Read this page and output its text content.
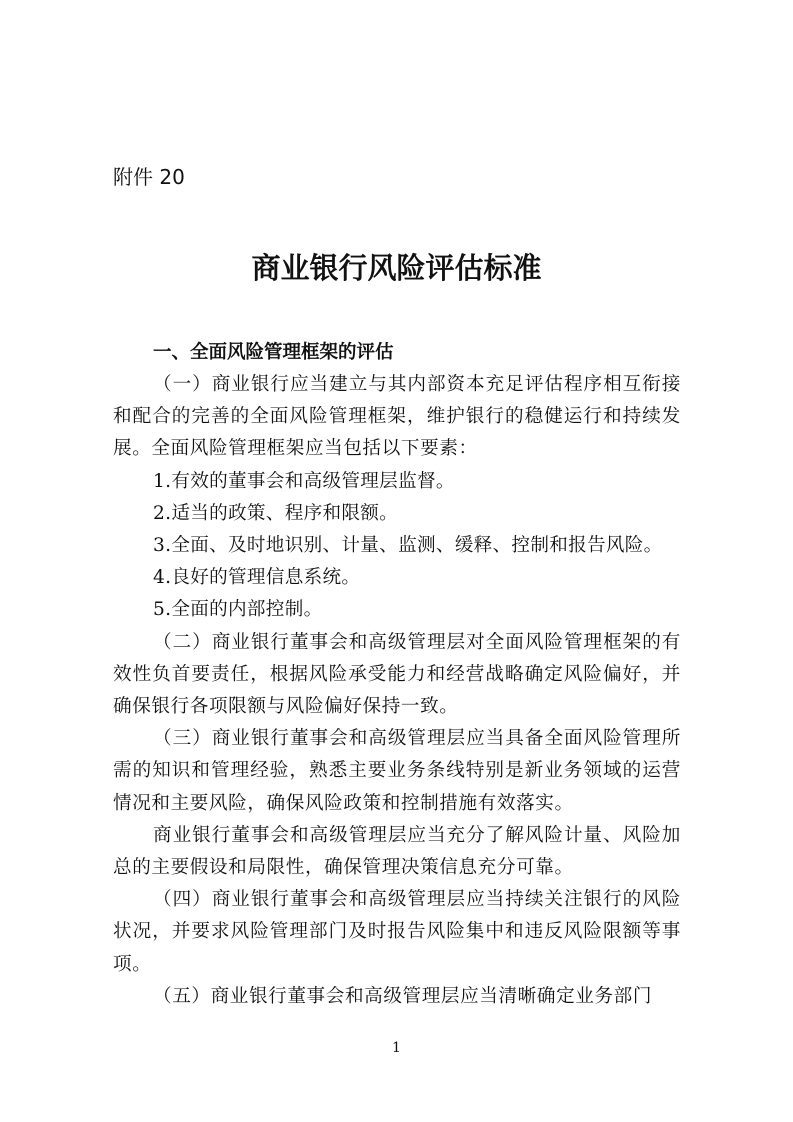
附件 20
商业银行风险评估标准
一、全面风险管理框架的评估

（一）商业银行应当建立与其内部资本充足评估程序相互衔接和配合的完善的全面风险管理框架，维护银行的稳健运行和持续发展。全面风险管理框架应当包括以下要素：

1.有效的董事会和高级管理层监督。

2.适当的政策、程序和限额。

3.全面、及时地识别、计量、监测、缓释、控制和报告风险。

4.良好的管理信息系统。

5.全面的内部控制。

（二）商业银行董事会和高级管理层对全面风险管理框架的有效性负首要责任，根据风险承受能力和经营战略确定风险偏好，并确保银行各项限额与风险偏好保持一致。

（三）商业银行董事会和高级管理层应当具备全面风险管理所需的知识和管理经验，熟悉主要业务条线特别是新业务领域的运营情况和主要风险，确保风险政策和控制措施有效落实。

商业银行董事会和高级管理层应当充分了解风险计量、风险加总的主要假设和局限性，确保管理决策信息充分可靠。

（四）商业银行董事会和高级管理层应当持续关注银行的风险状况，并要求风险管理部门及时报告风险集中和违反风险限额等事项。

（五）商业银行董事会和高级管理层应当清晰确定业务部门

1
